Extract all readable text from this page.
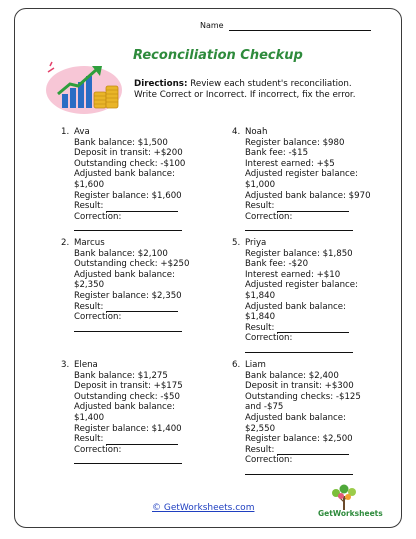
Name
Reconciliation Checkup
Directions: Review each student's reconciliation. Write Correct or Incorrect. If incorrect, fix the error.
1. Ava
Bank balance: $1,500
Deposit in transit: +$200
Outstanding check: -$100
Adjusted bank balance:
$1,600
Register balance: $1,600
Result:
Correction:
2. Marcus
Bank balance: $2,100
Outstanding check: +$250
Adjusted bank balance:
$2,350
Register balance: $2,350
Result:
Correction:
3. Elena
Bank balance: $1,275
Deposit in transit: +$175
Outstanding check: -$50
Adjusted bank balance:
$1,400
Register balance: $1,400
Result:
Correction:
4. Noah
Register balance: $980
Bank fee: -$15
Interest earned: +$5
Adjusted register balance:
$1,000
Adjusted bank balance: $970
Result:
Correction:
5. Priya
Register balance: $1,850
Bank fee: -$20
Interest earned: +$10
Adjusted register balance:
$1,840
Adjusted bank balance:
$1,840
Result:
Correction:
6. Liam
Bank balance: $2,400
Deposit in transit: +$300
Outstanding checks: -$125
and -$75
Adjusted bank balance:
$2,550
Register balance: $2,500
Result:
Correction:
© GetWorksheets.com
GetWorksheets
